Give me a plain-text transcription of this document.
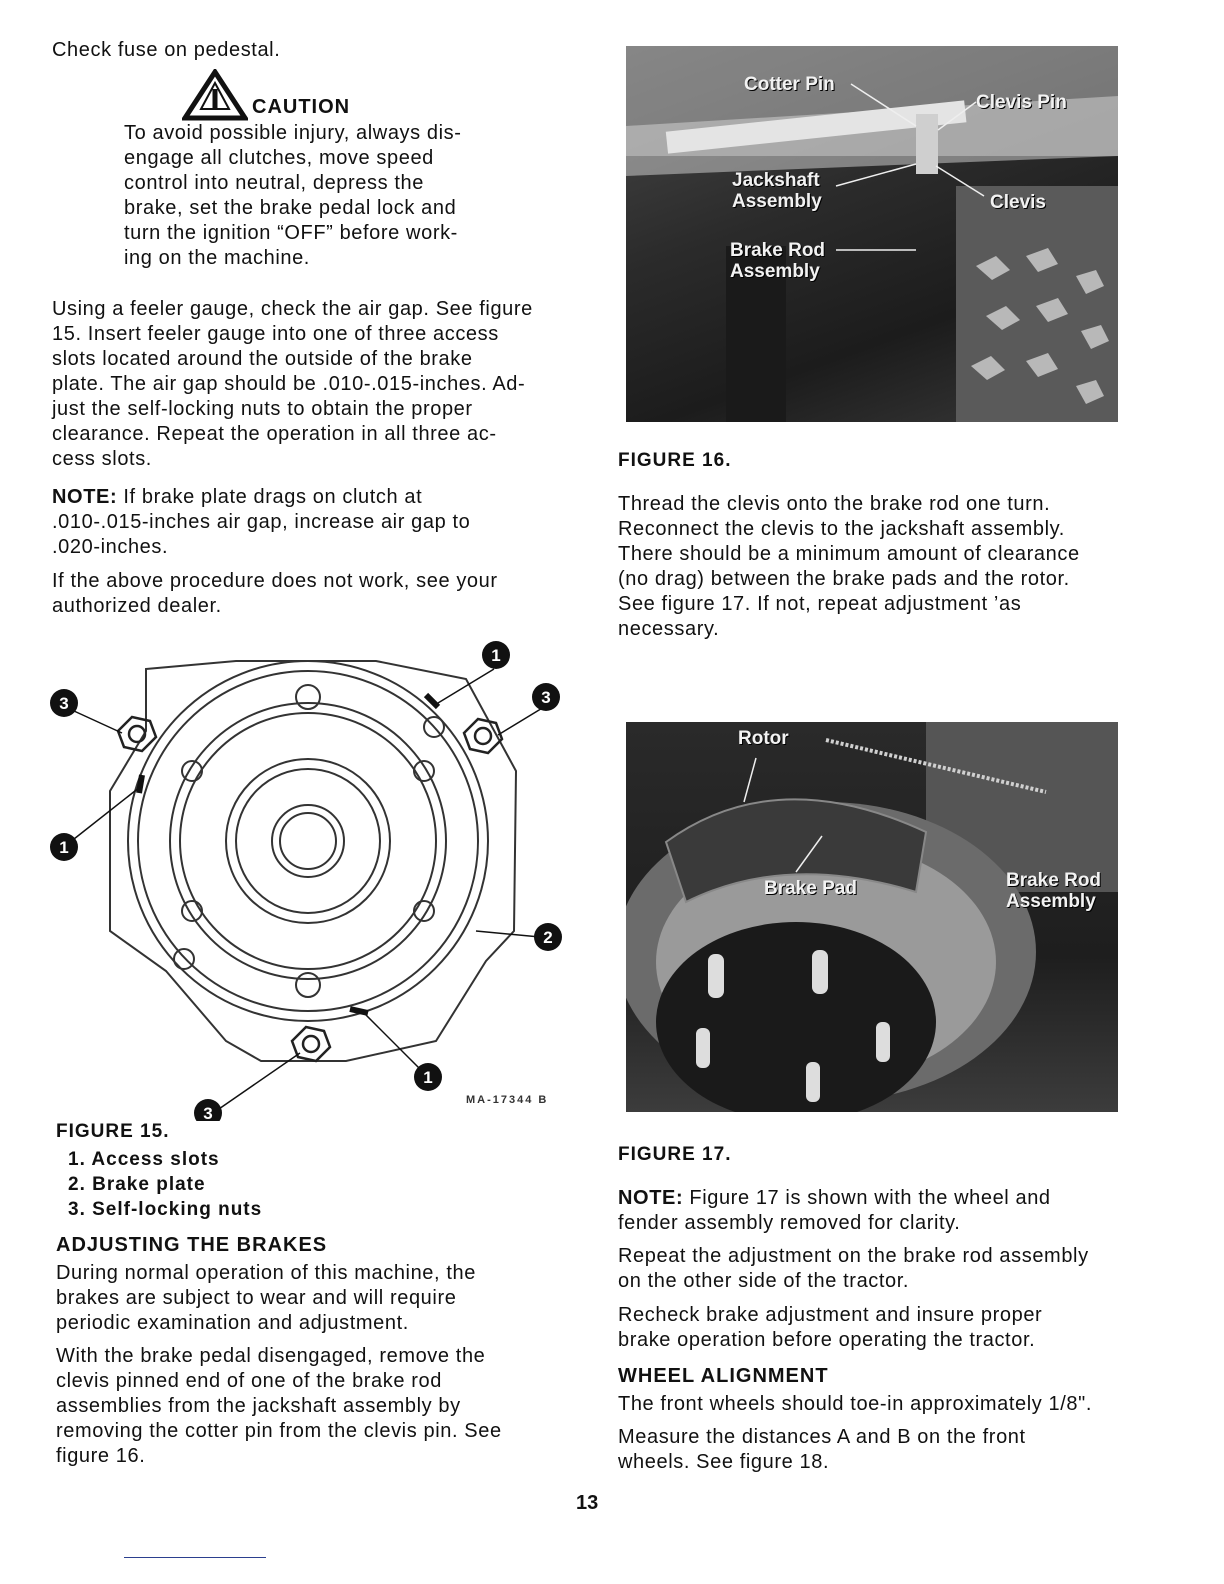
Check fuse on pedestal.

CAUTION
To avoid possible injury, always dis-
engage all clutches, move speed
control into neutral, depress the
brake, set the brake pedal lock and
turn the ignition “OFF” before work-
ing on the machine.
Using a feeler gauge, check the air gap. See figure
15. Insert feeler gauge into one of three access
slots located around the outside of the brake
plate. The air gap should be .010-.015-inches. Ad-
just the self-locking nuts to obtain the proper
clearance. Repeat the operation in all three ac-
cess slots.
NOTE: If brake plate drags on clutch at
.010-.015-inches air gap, increase air gap to
.020-inches.
If the above procedure does not work, see your
authorized dealer.
3	3
3
1
1
1
2
MA-17344 B
FIGURE 15.
1. Access slots
2. Brake plate
3. Self-locking nuts
ADJUSTING THE BRAKES
During normal operation of this machine, the
brakes are subject to wear and will require
periodic examination and adjustment.
With the brake pedal disengaged, remove the
clevis pinned end of one of the brake rod
assemblies from the jackshaft assembly by
removing the cotter pin from the clevis pin. See
figure 16.
Cotter Pin
Clevis Pin
Jackshaft
Assembly	Clevis
Brake Rod
Assembly
FIGURE 16.
Thread the clevis onto the brake rod one turn.
Reconnect the clevis to the jackshaft assembly.
There should be a minimum amount of clearance
(no drag) between the brake pads and the rotor.
See figure 17. If not, repeat adjustment ’as
necessary.
Rotor
Brake Pad	Brake Rod
Assembly
FIGURE 17.
NOTE: Figure 17 is shown with the wheel and
fender assembly removed for clarity.
Repeat the adjustment on the brake rod assembly
on the other side of the tractor.
Recheck brake adjustment and insure proper
brake operation before operating the tractor.
WHEEL ALIGNMENT

The front wheels should toe-in approximately 1/8".

Measure the distances A and B on the front
wheels. See figure 18.
13
